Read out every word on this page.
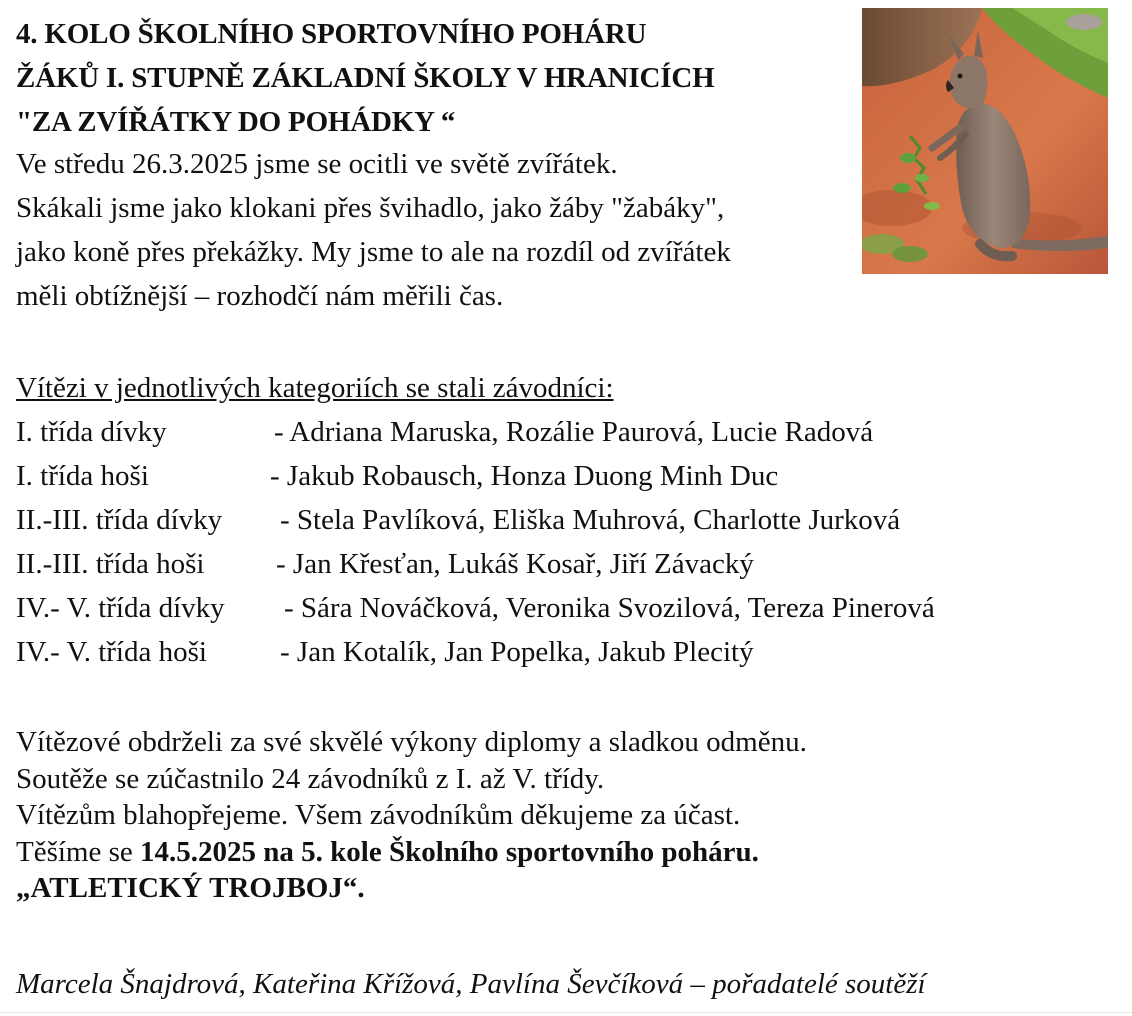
4. KOLO ŠKOLNÍHO SPORTOVNÍHO POHÁRU
ŽÁKŮ I. STUPNĚ ZÁKLADNÍ ŠKOLY V HRANICÍCH
"ZA ZVÍŘÁTKY DO POHÁDKY “
Ve středu 26.3.2025 jsme se ocitli ve světě zvířátek.
Skákali jsme jako klokani přes švihadlo, jako žáby "žabáky",
jako koně přes překážky. My jsme to ale na rozdíl od zvířátek
měli obtížnější – rozhodčí nám měřili čas.
Vítězi v jednotlivých kategoriích se stali závodníci:
I. třída dívky	- Adriana Maruska, Rozálie Paurová, Lucie Radová
I. třída hoši	- Jakub Robausch, Honza Duong Minh Duc
II.-III. třída dívky - Stela Pavlíková, Eliška Muhrová, Charlotte Jurková
II.-III. třída hoši - Jan Křesťan, Lukáš Kosař, Jiří Závacký
IV.- V. třída dívky - Sára Nováčková, Veronika Svozilová, Tereza Pinerová
IV.- V. třída hoši	- Jan Kotalík, Jan Popelka, Jakub Plecitý
Vítězové obdrželi za své skvělé výkony diplomy a sladkou odměnu.
Soutěže se zúčastnilo 24 závodníků z I. až V. třídy.
Vítězům blahopřejeme. Všem závodníkům děkujeme za účast.
Těšíme se 14.5.2025 na 5. kole Školního sportovního poháru.
„ATLETICKÝ TROJBOJ“.
Marcela Šnajdrová, Kateřina Křížová, Pavlína Ševčíková – pořadatelé soutěží
